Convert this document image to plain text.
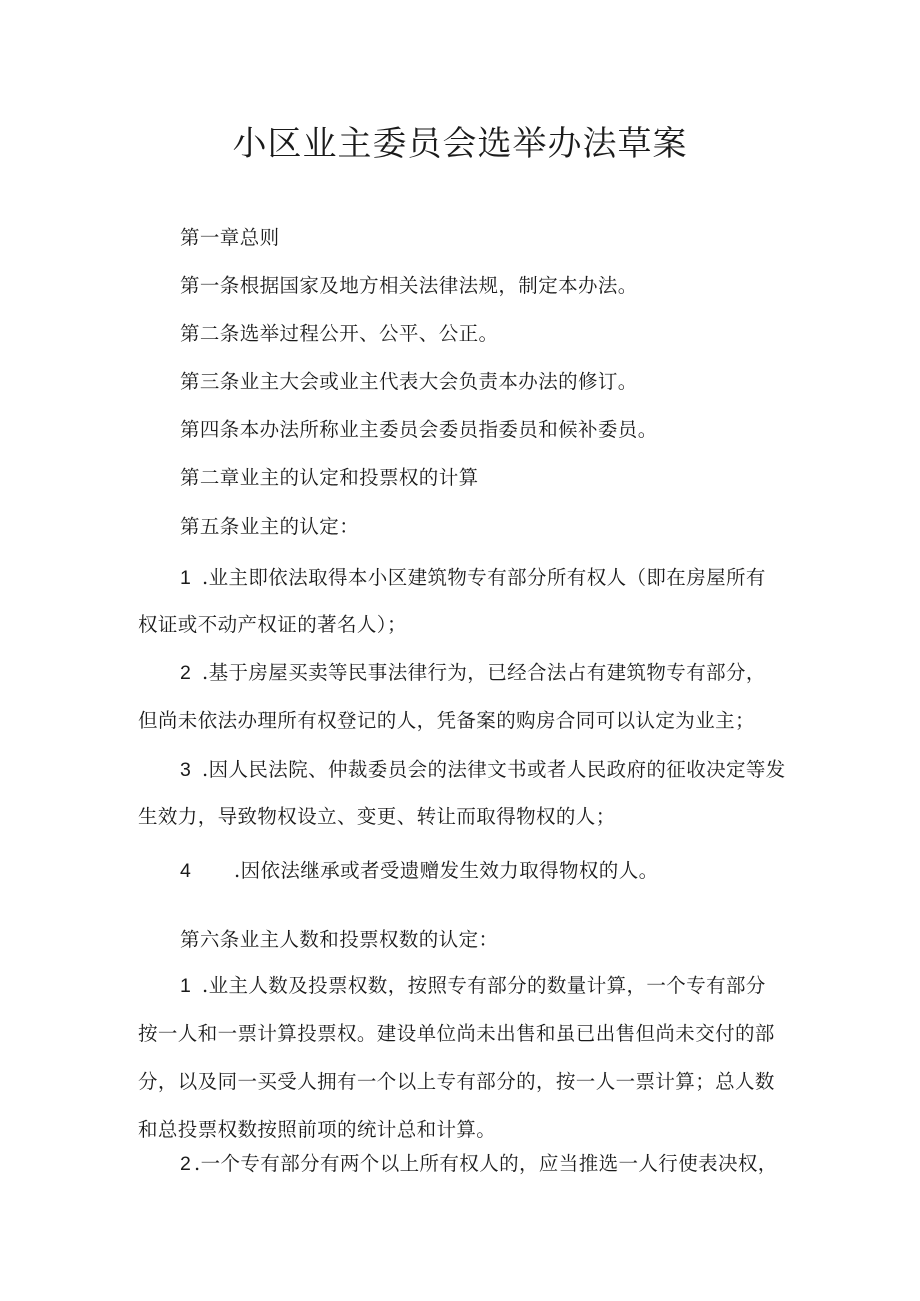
小区业主委员会选举办法草案
第一章总则
第一条根据国家及地方相关法律法规，制定本办法。
第二条选举过程公开、公平、公正。
第三条业主大会或业主代表大会负责本办法的修订。
第四条本办法所称业主委员会委员指委员和候补委员。
第二章业主的认定和投票权的计算
第五条业主的认定：
1 .业主即依法取得本小区建筑物专有部分所有权人（即在房屋所有
权证或不动产权证的著名人）；
2 .基于房屋买卖等民事法律行为，已经合法占有建筑物专有部分，
但尚未依法办理所有权登记的人，凭备案的购房合同可以认定为业主；
3 .因人民法院、仲裁委员会的法律文书或者人民政府的征收决定等发
生效力，导致物权设立、变更、转让而取得物权的人；
4 .因依法继承或者受遗赠发生效力取得物权的人。
第六条业主人数和投票权数的认定：
1 .业主人数及投票权数，按照专有部分的数量计算，一个专有部分
按一人和一票计算投票权。建设单位尚未出售和虽已出售但尚未交付的部
分，以及同一买受人拥有一个以上专有部分的，按一人一票计算；总人数
和总投票权数按照前项的统计总和计算。
2 .一个专有部分有两个以上所有权人的，应当推选一人行使表决权，
